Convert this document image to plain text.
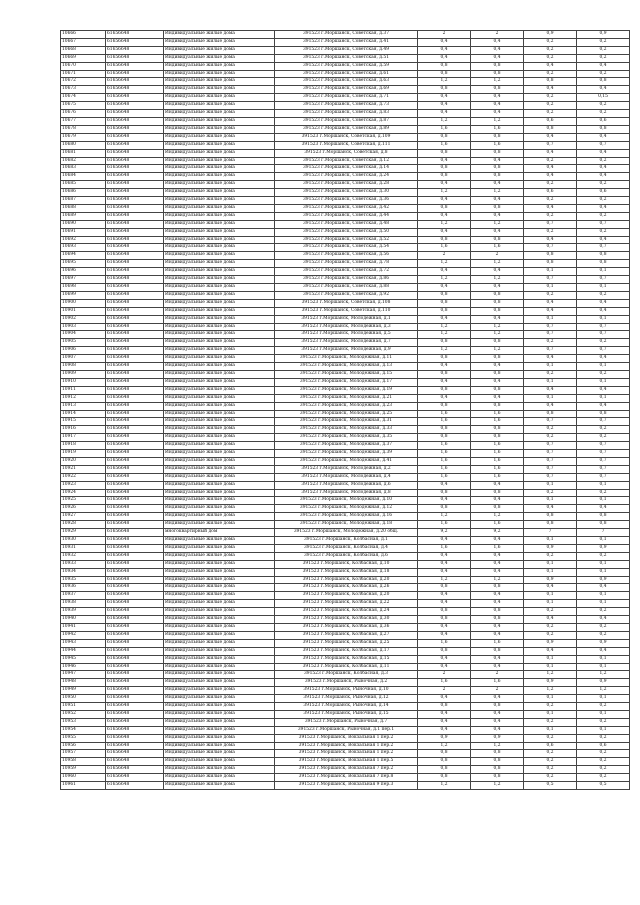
10666	61656648	Индивидуальные жилые дома	391523 г.Моршанск, Советская, д.37	2	2	0,9	0,9
10667	61656648	Индивидуальные жилые дома	391523 г.Моршанск, Советская, д.41	0,4	0,4	0,2	0,2
10668	61656648	Индивидуальные жилые дома	391523 г.Моршанск, Советская, д.49	0,4	0,4	0,2	0,2
10669	61656648	Индивидуальные жилые дома	391523 г.Моршанск, Советская, д.51	0,4	0,4	0,2	0,2
10670	61656648	Индивидуальные жилые дома	391523 г.Моршанск, Советская, д.59	0,8	0,8	0,4	0,4
10671	61656648	Индивидуальные жилые дома	391523 г.Моршанск, Советская, д.61	0,8	0,8	0,2	0,2
10672	61656648	Индивидуальные жилые дома	391523 г.Моршанск, Советская, д.63	1,2	1,2	0,8	0,8
10673	61656648	Индивидуальные жилые дома	391523 г.Моршанск, Советская, д.69	0,8	0,8	0,4	0,4
10674	61656648	Индивидуальные жилые дома	391523 г.Моршанск, Советская, д.71	0,4	0,4	0,2	0,15
10675	61656648	Индивидуальные жилые дома	391523 г.Моршанск, Советская, д.73	0,4	0,4	0,2	0,2
10676	61656648	Индивидуальные жилые дома	391523 г.Моршанск, Советская, д.83	0,4	0,4	0,2	0,2
10677	61656648	Индивидуальные жилые дома	391523 г.Моршанск, Советская, д.87	1,2	1,2	0,6	0,6
10678	61656648	Индивидуальные жилые дома	391523 г.Моршанск, Советская, д.89	1,6	1,6	0,8	0,8
10679	61656648	Индивидуальные жилые дома	391523 г.Моршанск, Советская, д.109	0,8	0,8	0,4	0,4
10680	61656648	Индивидуальные жилые дома	391523 г.Моршанск, Советская, д.111	1,6	1,6	0,7	0,7
10681	61656648	Индивидуальные жилые дома	391523 г.Моршанск, Советская, д.8	0,8	0,8	0,4	0,4
10682	61656648	Индивидуальные жилые дома	391523 г.Моршанск, Советская, д.12	0,4	0,4	0,2	0,2
10683	61656648	Индивидуальные жилые дома	391523 г.Моршанск, Советская, д.14	0,8	0,8	0,4	0,4
10684	61656648	Индивидуальные жилые дома	391523 г.Моршанск, Советская, д.24	0,8	0,8	0,4	0,4
10685	61656648	Индивидуальные жилые дома	391523 г.Моршанск, Советская, д.28	0,4	0,4	0,2	0,2
10686	61656648	Индивидуальные жилые дома	391523 г.Моршанск, Советская, д.30	1,2	1,2	0,6	0,6
10687	61656648	Индивидуальные жилые дома	391523 г.Моршанск, Советская, д.36	0,4	0,4	0,2	0,2
10688	61656648	Индивидуальные жилые дома	391523 г.Моршанск, Советская, д.42	0,8	0,8	0,4	0,4
10689	61656648	Индивидуальные жилые дома	391523 г.Моршанск, Советская, д.44	0,4	0,4	0,2	0,2
10690	61656648	Индивидуальные жилые дома	391523 г.Моршанск, Советская, д.48	1,2	1,2	0,7	0,7
10691	61656648	Индивидуальные жилые дома	391523 г.Моршанск, Советская, д.50	0,4	0,4	0,2	0,2
10692	61656648	Индивидуальные жилые дома	391523 г.Моршанск, Советская, д.52	0,8	0,8	0,4	0,4
10693	61656648	Индивидуальные жилые дома	391523 г.Моршанск, Советская, д.54	1,6	1,6	0,7	0,7
10694	61656648	Индивидуальные жилые дома	391523 г.Моршанск, Советская, д.56	2	2	0,8	0,8
10695	61656648	Индивидуальные жилые дома	391523 г.Моршанск, Советская, д.78	1,2	1,2	0,8	0,8
10696	61656648	Индивидуальные жилые дома	391523 г.Моршанск, Советская, д.72	0,4	0,4	0,1	0,1
10697	61656648	Индивидуальные жилые дома	391523 г.Моршанск, Советская, д.86	1,2	1,2	0,7	0,7
10698	61656648	Индивидуальные жилые дома	391523 г.Моршанск, Советская, д.88	0,4	0,4	0,1	0,1
10699	61656648	Индивидуальные жилые дома	391523 г.Моршанск, Советская, д.92	0,8	0,8	0,2	0,2
10900	61656648	Индивидуальные жилые дома	391523 г.Моршанск, Советская, д.108	0,8	0,8	0,4	0,4
10901	61656648	Индивидуальные жилые дома	391523 г.Моршанск, Советская, д.110	0,8	0,8	0,4	0,4
10902	61656648	Индивидуальные жилые дома	391523 г.Моршанск, Молодежная, д.1	0,4	0,4	0,1	0,1
10903	61656648	Индивидуальные жилые дома	391523 г.Моршанск, Молодежная, д.3	1,2	1,2	0,7	0,7
10904	61656648	Индивидуальные жилые дома	391523 г.Моршанск, Молодежная, д.5	1,2	1,2	0,7	0,7
10905	61656648	Индивидуальные жилые дома	391523 г.Моршанск, Молодежная, д.7	0,8	0,8	0,2	0,2
10906	61656648	Индивидуальные жилые дома	391523 г.Моршанск, Молодежная, д.9	1,2	1,2	0,7	0,7
10907	61656648	Индивидуальные жилые дома	391523 г.Моршанск, Молодежная, д.11	0,8	0,8	0,4	0,4
10908	61656648	Индивидуальные жилые дома	391523 г.Моршанск, Молодежная, д.13	0,4	0,4	0,1	0,1
10909	61656648	Индивидуальные жилые дома	391523 г.Моршанск, Молодежная, д.15	0,8	0,8	0,2	0,2
10910	61656648	Индивидуальные жилые дома	391523 г.Моршанск, Молодежная, д.17	0,4	0,4	0,1	0,1
10911	61656648	Индивидуальные жилые дома	391523 г.Моршанск, Молодежная, д.19	0,8	0,8	0,4	0,4
10912	61656648	Индивидуальные жилые дома	391523 г.Моршанск, Молодежная, д.21	0,4	0,4	0,1	0,1
10913	61656648	Индивидуальные жилые дома	391523 г.Моршанск, Молодежная, д.23	0,8	0,8	0,4	0,4
10914	61656648	Индивидуальные жилые дома	391523 г.Моршанск, Молодежная, д.25	1,6	1,6	0,8	0,8
10915	61656648	Индивидуальные жилые дома	391523 г.Моршанск, Молодежная, д.31	1,6	1,6	0,7	0,7
10916	61656648	Индивидуальные жилые дома	391523 г.Моршанск, Молодежная, д.33	0,8	0,8	0,2	0,2
10917	61656648	Индивидуальные жилые дома	391523 г.Моршанск, Молодежная, д.35	0,8	0,8	0,2	0,2
10918	61656648	Индивидуальные жилые дома	391523 г.Моршанск, Молодежная, д.37	1,6	1,6	0,7	0,7
10919	61656648	Индивидуальные жилые дома	391523 г.Моршанск, Молодежная, д.39	1,6	1,6	0,7	0,7
10920	61656648	Индивидуальные жилые дома	391523 г.Моршанск, Молодежная, д.41	1,6	1,6	0,7	0,7
10921	61656648	Индивидуальные жилые дома	391523 г.Моршанск, Молодежная, д.2	1,6	1,6	0,7	0,7
10922	61656648	Индивидуальные жилые дома	391523 г.Моршанск, Молодежная, д.4	1,6	1,6	0,7	0,7
10923	61656648	Индивидуальные жилые дома	391523 г.Моршанск, Молодежная, д.6	0,4	0,4	0,1	0,1
10924	61656648	Индивидуальные жилые дома	391523 г.Моршанск, Молодежная, д.8	0,8	0,8	0,2	0,2
10925	61656648	Индивидуальные жилые дома	391523 г.Моршанск, Молодежная, д.10	0,4	0,4	0,1	0,1
10926	61656648	Индивидуальные жилые дома	391523 г.Моршанск, Молодежная, д.12	0,8	0,8	0,4	0,4
10927	61656648	Индивидуальные жилые дома	391523 г.Моршанск, Молодежная, д.16	1,2	1,2	0,8	0,8
10928	61656648	Индивидуальные жилые дома	391523 г.Моршанск, Молодежная, д.18	1,6	1,6	0,8	0,8
10929	61656648	многоквартирный дом	391523 г.Моршанск, Молодежная, д.20 общ.	9,2	9,2	7	7
10930	61656648	Индивидуальные жилые дома	391523 г.Моршанск, Колбасная, д.1	0,4	0,4	0,1	0,1
10931	61656648	Индивидуальные жилые дома	391523 г.Моршанск, Колбасная, д.4	1,6	1,6	0,9	0,9
10932	61656648	Индивидуальные жилые дома	391523 г.Моршанск, Колбасная, д.6	0,4	0,4	0,2	0,2
10933	61656648	Индивидуальные жилые дома	391523 г.Моршанск, Колбасная, д.10	0,4	0,4	0,1	0,1
10934	61656648	Индивидуальные жилые дома	391523 г.Моршанск, Колбасная, д.18	0,4	0,4	0,1	0,1
10935	61656648	Индивидуальные жилые дома	391523 г.Моршанск, Колбасная, д.20	1,2	1,2	0,9	0,9
10936	61656648	Индивидуальные жилые дома	391523 г.Моршанск, Колбасная, д.26	0,8	0,8	0,4	0,4
10937	61656648	Индивидуальные жилые дома	391523 г.Моршанск, Колбасная, д.20	0,4	0,4	0,1	0,1
10938	61656648	Индивидуальные жилые дома	391523 г.Моршанск, Колбасная, д.22	0,4	0,4	0,1	0,1
10939	61656648	Индивидуальные жилые дома	391523 г.Моршанск, Колбасная, д.24	0,8	0,8	0,2	0,2
10940	61656648	Индивидуальные жилые дома	391523 г.Моршанск, Колбасная, д.30	0,8	0,8	0,4	0,4
10941	61656648	Индивидуальные жилые дома	391523 г.Моршанск, Колбасная, д.36	0,4	0,4	0,2	0,2
10942	61656648	Индивидуальные жилые дома	391523 г.Моршанск, Колбасная, д.27	0,4	0,4	0,2	0,2
10943	61656648	Индивидуальные жилые дома	391523 г.Моршанск, Колбасная, д.25	1,6	1,6	0,9	0,9
10944	61656648	Индивидуальные жилые дома	391523 г.Моршанск, Колбасная, д.17	0,8	0,8	0,4	0,4
10945	61656648	Индивидуальные жилые дома	391523 г.Моршанск, Колбасная, д.15	0,4	0,4	0,1	0,1
10946	61656648	Индивидуальные жилые дома	391523 г.Моршанск, Колбасная, д.11	0,4	0,4	0,1	0,1
10947	61656648	Индивидуальные жилые дома	391523 г.Моршанск, Колбасная, д.3	2	2	1,2	1,2
10948	61656648	Индивидуальные жилые дома	391523 г.Моршанск, Рыночная, д.2	1,6	1,6	0,9	0,9
10949	61656648	Индивидуальные жилые дома	391523 г.Моршанск, Рыночная, д.10	2	2	1,2	1,2
10950	61656648	Индивидуальные жилые дома	391523 г.Моршанск, Рыночная, д.12	0,4	0,4	0,1	0,1
10951	61656648	Индивидуальные жилые дома	391523 г.Моршанск, Рыночная, д.14	0,8	0,8	0,2	0,2
10952	61656648	Индивидуальные жилые дома	391523 г.Моршанск, Рыночная, д.15	0,4	0,4	0,1	0,1
10953	61656648	Индивидуальные жилые дома	391523 г.Моршанск, Рыночная, д.7	0,4	0,4	0,2	0,2
10954	61656648	Индивидуальные жилые дома	391523 г.Моршанск, Рыночная, д.1 пер.1	0,4	0,4	0,1	0,1
10955	61656648	Индивидуальные жилые дома	391523 г.Моршанск, Вокзальная 1 пер.2	0,9	0,9	0,2	0,2
10956	61656648	Индивидуальные жилые дома	391523 г.Моршанск, Вокзальная 1 пер.2	1,2	1,2	0,6	0,6
10957	61656648	Индивидуальные жилые дома	391523 г.Моршанск, Вокзальная 1 пер.2	0,8	0,8	0,2	0,2
10958	61656648	Индивидуальные жилые дома	391523 г.Моршанск, Вокзальная 1 пер.5	0,8	0,8	0,2	0,2
10959	61656648	Индивидуальные жилые дома	391523 г.Моршанск, Вокзальная 7 пер.2	0,8	0,8	0,2	0,2
10960	61656648	Индивидуальные жилые дома	391523 г.Моршанск, Вокзальная 7 пер.8	0,8	0,8	0,2	0,2
10961	61656648	Индивидуальные жилые дома	391523 г.Моршанск, Вокзальная 9 пер.3	1,2	1,2	0,5	0,5
